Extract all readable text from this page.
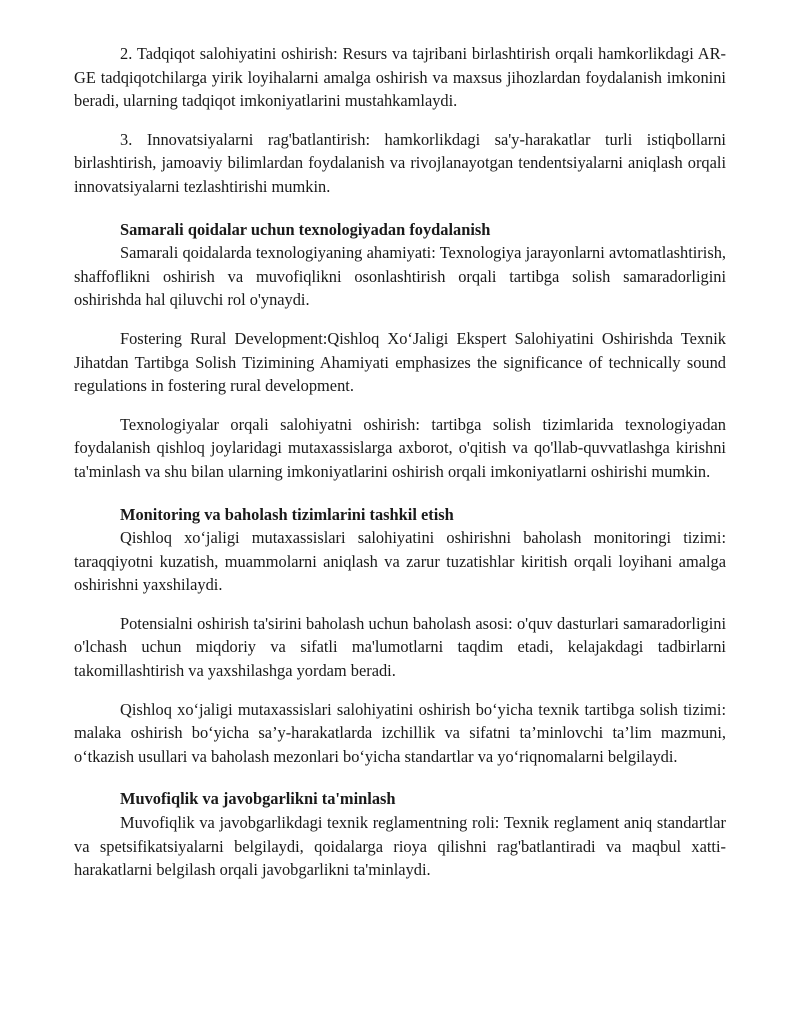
2. Tadqiqot salohiyatini oshirish: Resurs va tajribani birlashtirish orqali hamkorlikdagi AR-GE tadqiqotchilarga yirik loyihalarni amalga oshirish va maxsus jihozlardan foydalanish imkonini beradi, ularning tadqiqot imkoniyatlarini mustahkamlaydi.

3. Innovatsiyalarni rag'batlantirish: hamkorlikdagi sa'y-harakatlar turli istiqbollarni birlashtirish, jamoaviy bilimlardan foydalanish va rivojlanayotgan tendentsiyalarni aniqlash orqali innovatsiyalarni tezlashtirishi mumkin.

Samarali qoidalar uchun texnologiyadan foydalanish

Samarali qoidalarda texnologiyaning ahamiyati: Texnologiya jarayonlarni avtomatlashtirish, shaffoflikni oshirish va muvofiqlikni osonlashtirish orqali tartibga solish samaradorligini oshirishda hal qiluvchi rol o'ynaydi.

Fostering Rural Development:Qishloq Xo‘Jaligi Ekspert Salohiyatini Oshirishda Texnik Jihatdan Tartibga Solish Tizimining Ahamiyati emphasizes the significance of technically sound regulations in fostering rural development.

Texnologiyalar orqali salohiyatni oshirish: tartibga solish tizimlarida texnologiyadan foydalanish qishloq joylaridagi mutaxassislarga axborot, o'qitish va qo'llab-quvvatlashga kirishni ta'minlash va shu bilan ularning imkoniyatlarini oshirish orqali imkoniyatlarni oshirishi mumkin.

Monitoring va baholash tizimlarini tashkil etish

Qishloq xo‘jaligi mutaxassislari salohiyatini oshirishni baholash monitoringi tizimi: taraqqiyotni kuzatish, muammolarni aniqlash va zarur tuzatishlar kiritish orqali loyihani amalga oshirishni yaxshilaydi.

Potensialni oshirish ta'sirini baholash uchun baholash asosi: o'quv dasturlari samaradorligini o'lchash uchun miqdoriy va sifatli ma'lumotlarni taqdim etadi, kelajakdagi tadbirlarni takomillashtirish va yaxshilashga yordam beradi.

Qishloq xo‘jaligi mutaxassislari salohiyatini oshirish bo‘yicha texnik tartibga solish tizimi: malaka oshirish bo‘yicha sa’y-harakatlarda izchillik va sifatni ta’minlovchi ta’lim mazmuni, o‘tkazish usullari va baholash mezonlari bo‘yicha standartlar va yo‘riqnomalarni belgilaydi.

Muvofiqlik va javobgarlikni ta'minlash

Muvofiqlik va javobgarlikdagi texnik reglamentning roli: Texnik reglament aniq standartlar va spetsifikatsiyalarni belgilaydi, qoidalarga rioya qilishni rag'batlantiradi va maqbul xatti-harakatlarni belgilash orqali javobgarlikni ta'minlaydi.
